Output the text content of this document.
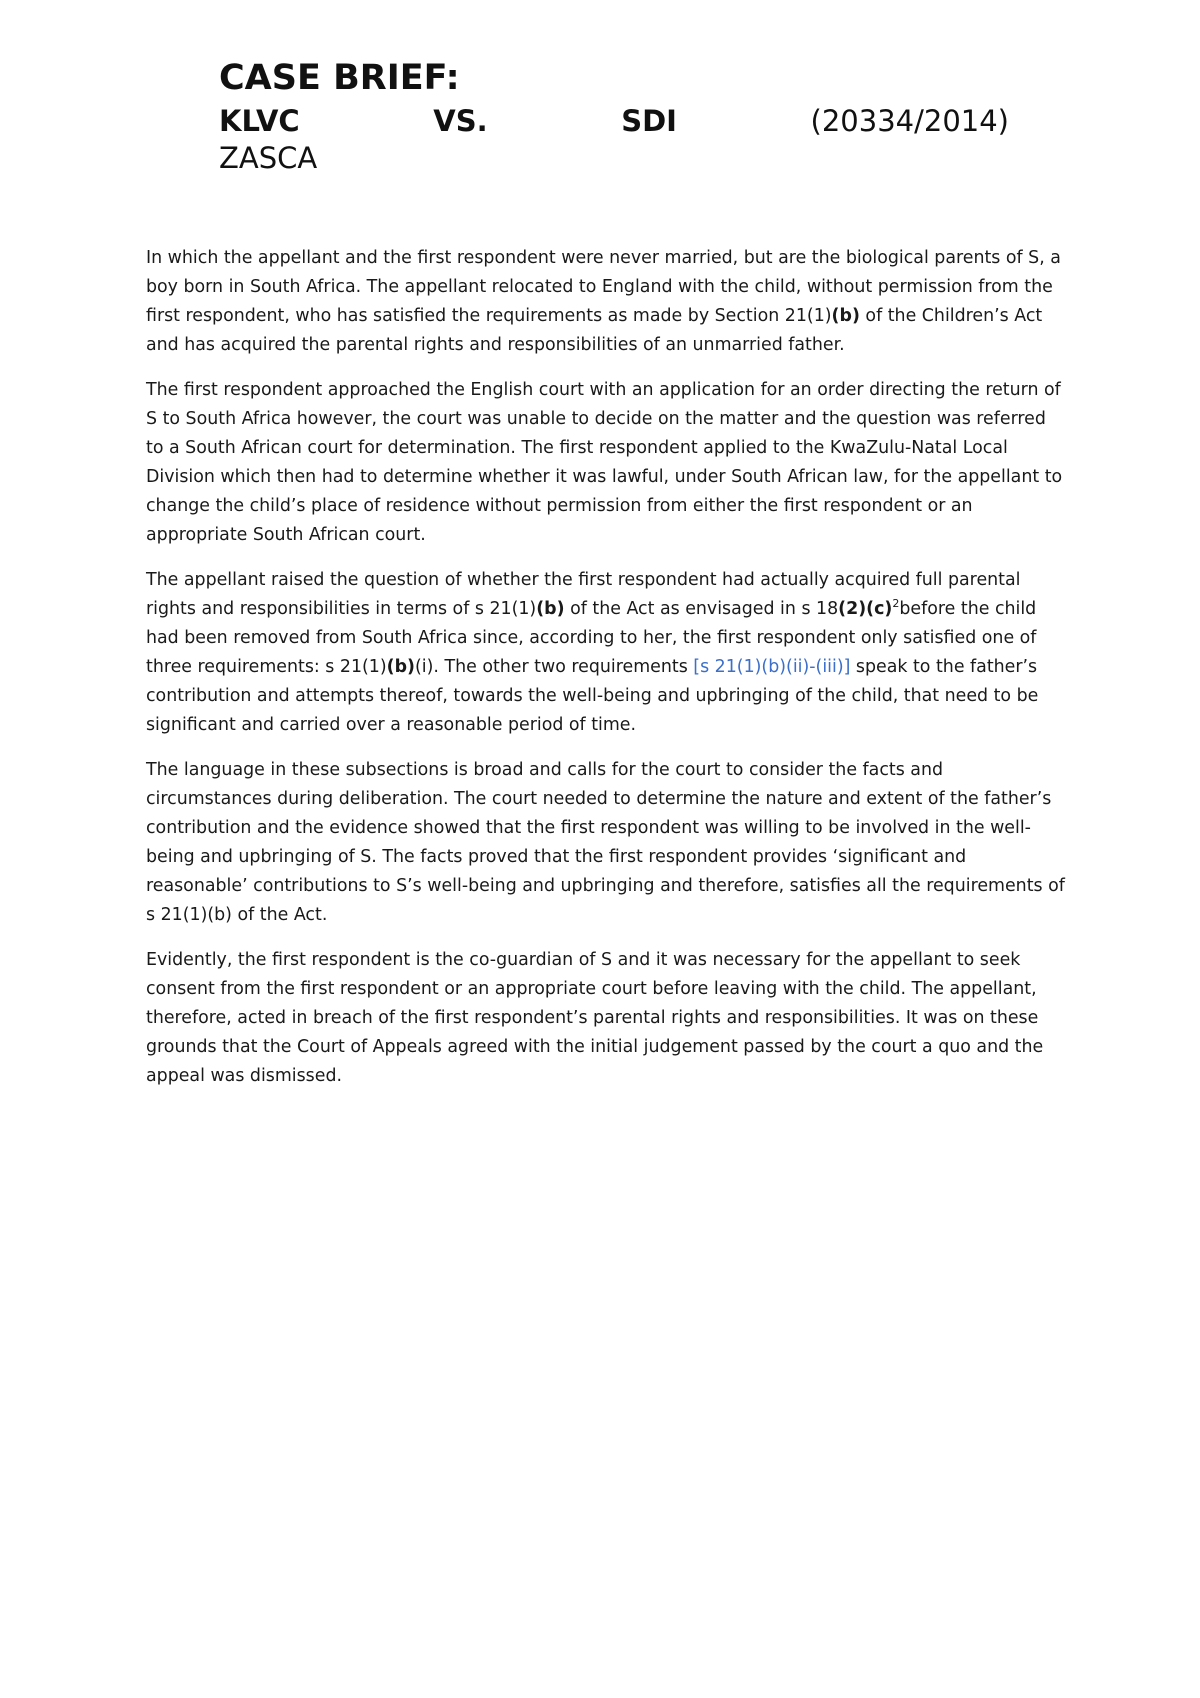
CASE BRIEF:
KLVC	VS.	SDI	(20334/2014)
ZASCA

In which the appellant and the first respondent were never married, but are the biological parents of S, a boy born in South Africa. The appellant relocated to England with the child, without permission from the first respondent, who has satisfied the requirements as made by Section 21(1)(b) of the Children’s Act and has acquired the parental rights and responsibilities of an unmarried father.

The first respondent approached the English court with an application for an order directing the return of S to South Africa however, the court was unable to decide on the matter and the question was referred to a South African court for determination. The first respondent applied to the KwaZulu-Natal Local Division which then had to determine whether it was lawful, under South African law, for the appellant to change the child’s place of residence without permission from either the first respondent or an appropriate South African court.

The appellant raised the question of whether the first respondent had actually acquired full parental rights and responsibilities in terms of s 21(1)(b) of the Act as envisaged in s $18(2)(c)^2before$ the child had been removed from South Africa since, according to her, the first respondent only satisfied one of three requirements: s 21(1)(b)(i). The other two requirements [s 21(1)(b)(ii)-(iii)] speak to the father’s contribution and attempts thereof, towards the well-being and upbringing of the child, that need to be significant and carried over a reasonable period of time.

The language in these subsections is broad and calls for the court to consider the facts and circumstances during deliberation. The court needed to determine the nature and extent of the father’s contribution and the evidence showed that the first respondent was willing to be involved in the well-being and upbringing of S. The facts proved that the first respondent provides ‘significant and reasonable’ contributions to S’s well-being and upbringing and therefore, satisfies all the requirements of s 21(1)(b) of the Act.

Evidently, the first respondent is the co-guardian of S and it was necessary for the appellant to seek consent from the first respondent or an appropriate court before leaving with the child. The appellant, therefore, acted in breach of the first respondent’s parental rights and responsibilities. It was on these grounds that the Court of Appeals agreed with the initial judgement passed by the court a quo and the appeal was dismissed.
